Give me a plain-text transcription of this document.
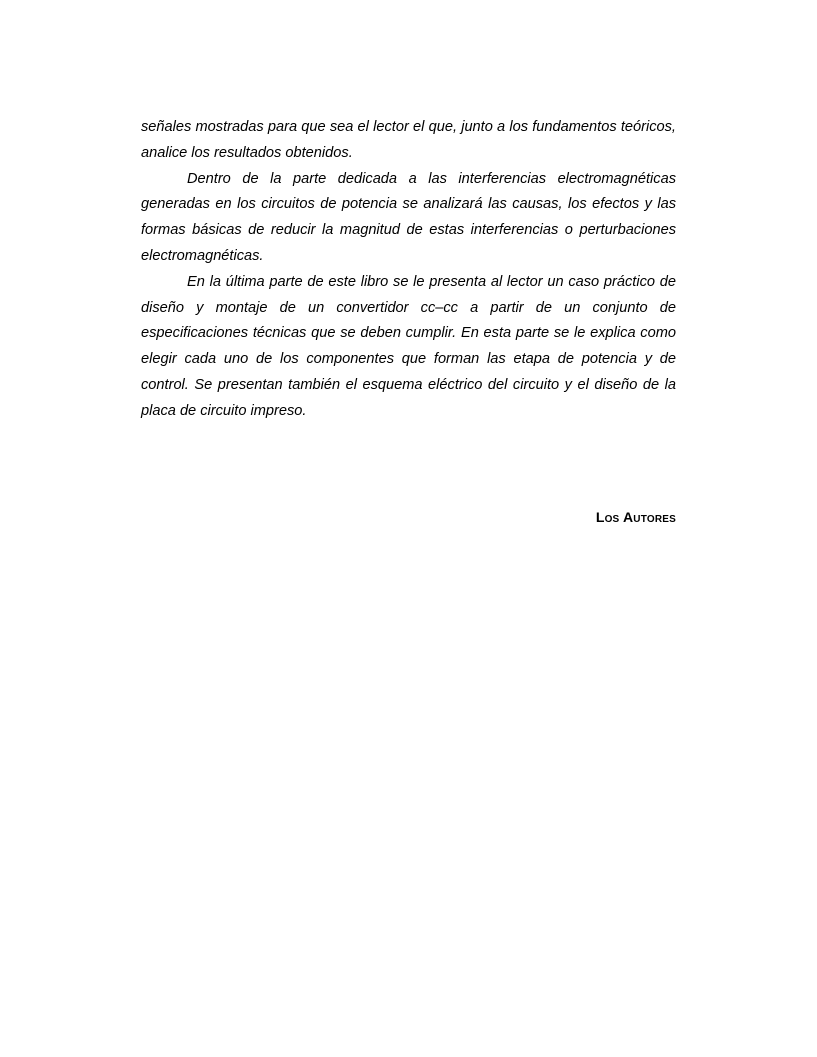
señales mostradas para que sea el lector el que, junto a los fundamentos teóricos, analice los resultados obtenidos.

Dentro de la parte dedicada a las interferencias electromagnéticas generadas en los circuitos de potencia se analizará las causas, los efectos y las formas básicas de reducir la magnitud de estas interferencias o perturbaciones electromagnéticas.

En la última parte de este libro se le presenta al lector un caso práctico de diseño y montaje de un convertidor cc–cc a partir de un conjunto de especificaciones técnicas que se deben cumplir. En esta parte se le explica como elegir cada uno de los componentes que forman las etapa de potencia y de control. Se presentan también el esquema eléctrico del circuito y el diseño de la placa de circuito impreso.

Los Autores
